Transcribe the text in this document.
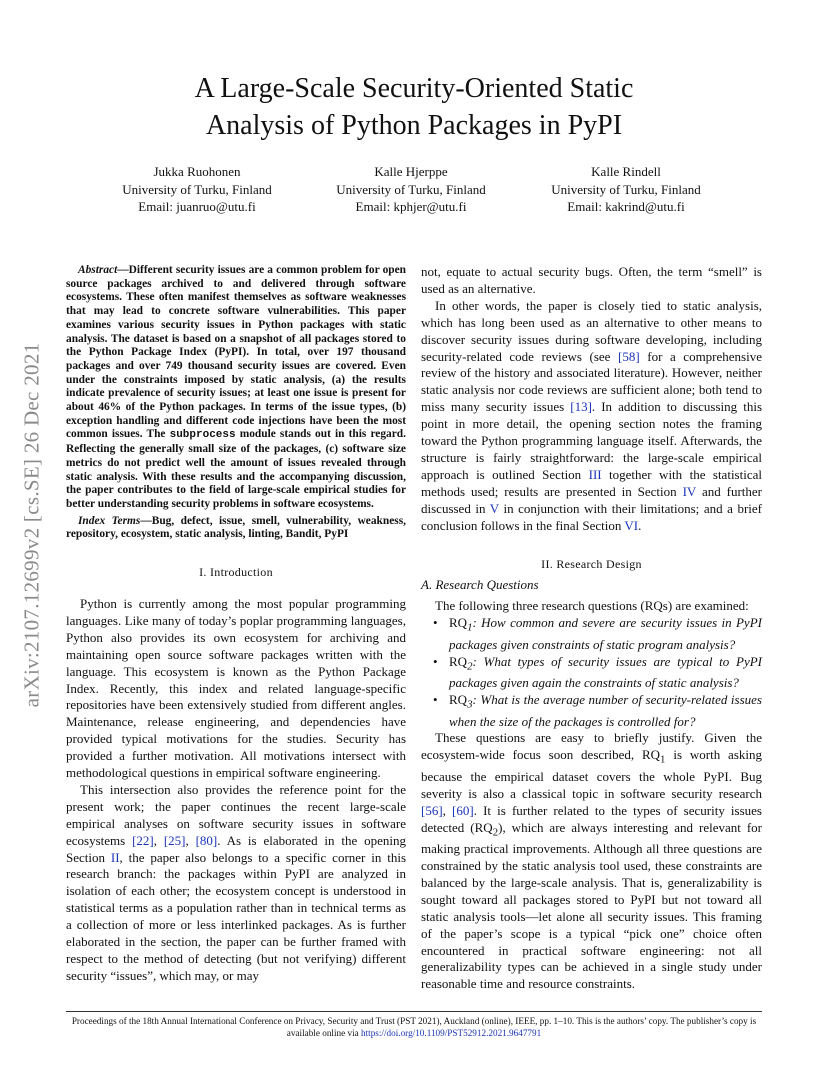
A Large-Scale Security-Oriented Static
Analysis of Python Packages in PyPI
Jukka Ruohonen
University of Turku, Finland
Email: juanruo@utu.fi
Kalle Hjerppe
University of Turku, Finland
Email: kphjer@utu.fi
Kalle Rindell
University of Turku, Finland
Email: kakrind@utu.fi
arXiv:2107.12699v2 [cs.SE] 26 Dec 2021

Abstract—Different security issues are a common problem for open source packages archived to and delivered through software ecosystems. These often manifest themselves as software weaknesses that may lead to concrete software vulnerabilities. This paper examines various security issues in Python packages with static analysis. The dataset is based on a snapshot of all packages stored to the Python Package Index (PyPI). In total, over 197 thousand packages and over 749 thousand security issues are covered. Even under the constraints imposed by static analysis, (a) the results indicate prevalence of security issues; at least one issue is present for about 46% of the Python packages. In terms of the issue types, (b) exception handling and different code injections have been the most common issues. The subprocess module stands out in this regard. Reflecting the generally small size of the packages, (c) software size metrics do not predict well the amount of issues revealed through static analysis. With these results and the accompanying discussion, the paper contributes to the field of large-scale empirical studies for better understanding security problems in software ecosystems.

Index Terms—Bug, defect, issue, smell, vulnerability, weakness, repository, ecosystem, static analysis, linting, Bandit, PyPI

I. Introduction

Python is currently among the most popular programming languages. Like many of today’s poplar programming languages, Python also provides its own ecosystem for archiving and maintaining open source software packages written with the language. This ecosystem is known as the Python Package Index. Recently, this index and related language-specific repositories have been extensively studied from different angles. Maintenance, release engineering, and dependencies have provided typical motivations for the studies. Security has provided a further motivation. All motivations intersect with methodological questions in empirical software engineering.

This intersection also provides the reference point for the present work; the paper continues the recent large-scale empirical analyses on software security issues in software ecosystems [22], [25], [80]. As is elaborated in the opening Section II, the paper also belongs to a specific corner in this research branch: the packages within PyPI are analyzed in isolation of each other; the ecosystem concept is understood in statistical terms as a population rather than in technical terms as a collection of more or less interlinked packages. As is further elaborated in the section, the paper can be further framed with respect to the method of detecting (but not verifying) different security “issues”, which may, or may

not, equate to actual security bugs. Often, the term “smell” is used as an alternative.

In other words, the paper is closely tied to static analysis, which has long been used as an alternative to other means to discover security issues during software developing, including security-related code reviews (see [58] for a comprehensive review of the history and associated literature). However, neither static analysis nor code reviews are sufficient alone; both tend to miss many security issues [13]. In addition to discussing this point in more detail, the opening section notes the framing toward the Python programming language itself. Afterwards, the structure is fairly straightforward: the large-scale empirical approach is outlined Section III together with the statistical methods used; results are presented in Section IV and further discussed in V in conjunction with their limitations; and a brief conclusion follows in the final Section VI.

II. Research Design
A. Research Questions

The following three research questions (RQs) are examined:

• $RQ_1$: How common and severe are security issues in PyPI packages given constraints of static program analysis?
• $RQ_2$: What types of security issues are typical to PyPI packages given again the constraints of static analysis?
• $RQ_3$: What is the average number of security-related issues when the size of the packages is controlled for?

These questions are easy to briefly justify. Given the ecosystem-wide focus soon described, $RQ_1$ is worth asking because the empirical dataset covers the whole PyPI. Bug severity is also a classical topic in software security research [56], [60]. It is further related to the types of security issues detected $(RQ_2)$, which are always interesting and relevant for making practical improvements. Although all three questions are constrained by the static analysis tool used, these constraints are balanced by the large-scale analysis. That is, generalizability is sought toward all packages stored to PyPI but not toward all static analysis tools—let alone all security issues. This framing of the paper’s scope is a typical “pick one” choice often encountered in practical software engineering: not all generalizability types can be achieved in a single study under reasonable time and resource constraints.

Proceedings of the 18th Annual International Conference on Privacy, Security and Trust (PST 2021), Auckland (online), IEEE, pp. 1–10. This is the authors’ copy. The publisher’s copy is available online via https://doi.org/10.1109/PST52912.2021.9647791
